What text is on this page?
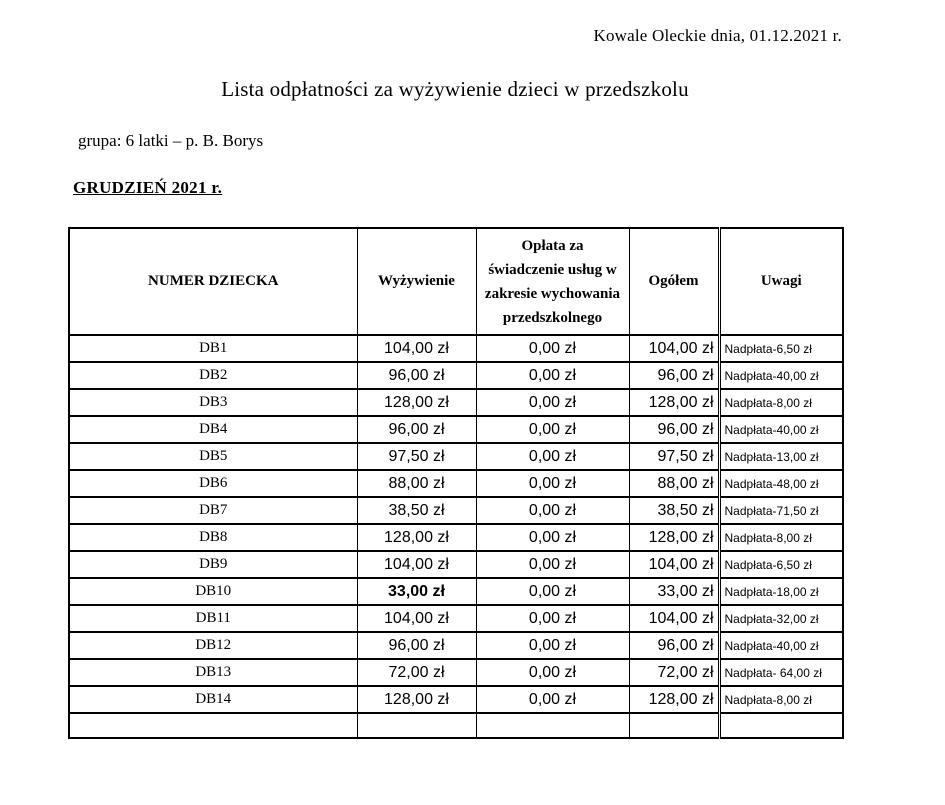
Kowale Oleckie dnia, 01.12.2021 r.
Lista odpłatności za wyżywienie dzieci w przedszkolu
grupa: 6 latki – p. B. Borys
GRUDZIEŃ 2021 r.
NUMER DZIECKA	Wyżywienie	Opłata za świadczenie usług w zakresie wychowania przedszkolnego	Ogółem	Uwagi
DB1	104,00 zł	0,00 zł	104,00 zł	Nadpłata-6,50 zł
DB2	96,00 zł	0,00 zł	96,00 zł	Nadpłata-40,00 zł
DB3	128,00 zł	0,00 zł	128,00 zł	Nadpłata-8,00 zł
DB4	96,00 zł	0,00 zł	96,00 zł	Nadpłata-40,00 zł
DB5	97,50 zł	0,00 zł	97,50 zł	Nadpłata-13,00 zł
DB6	88,00 zł	0,00 zł	88,00 zł	Nadpłata-48,00 zł
DB7	38,50 zł	0,00 zł	38,50 zł	Nadpłata-71,50 zł
DB8	128,00 zł	0,00 zł	128,00 zł	Nadpłata-8,00 zł
DB9	104,00 zł	0,00 zł	104,00 zł	Nadpłata-6,50 zł
DB10	33,00 zł	0,00 zł	33,00 zł	Nadpłata-18,00 zł
DB11	104,00 zł	0,00 zł	104,00 zł	Nadpłata-32,00 zł
DB12	96,00 zł	0,00 zł	96,00 zł	Nadpłata-40,00 zł
DB13	72,00 zł	0,00 zł	72,00 zł	Nadpłata- 64,00 zł
DB14	128,00 zł	0,00 zł	128,00 zł	Nadpłata-8,00 zł
